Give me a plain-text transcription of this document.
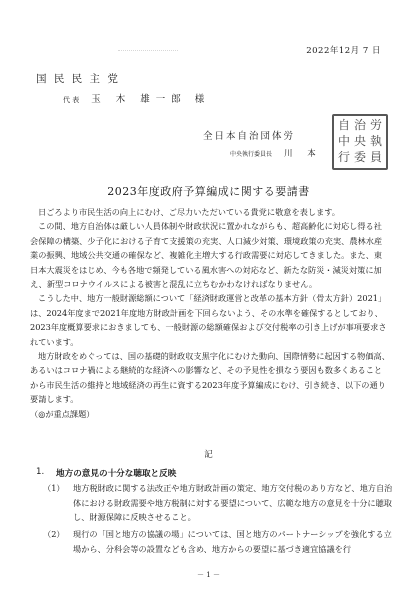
2022年12月 7 日
国 民 民 主 党
代 表 玉 木 雄一郎 様
全日本自治団体労
中央執行委員長 川 本
自 治 労
中 央 執
行 委 員
2023年度政府予算編成に関する要請書

日ごろより市民生活の向上にむけ、ご尽力いただいている貴党に敬意を表します。

この間、地方自治体は厳しい人員体制や財政状況に置かれながらも、超高齢化に対応し得る社会保障の構築、少子化における子育て支援策の充実、人口減少対策、環境政策の充実、農林水産業の振興、地域公共交通の確保など、複雑化主増大する行政需要に対応してきました。また、東日本大震災をはじめ、今も各地で頻発している風水害への対応など、新たな防災・減災対策に加え、新型コロナウイルスによる被害と混乱に立ちむかわなければなりません。

こうした中、地方一般財源総額について「経済財政運営と改革の基本方針（骨太方針）2021」は、2024年度まで2021年度地方財政計画を下回らないよう、その水準を確保するとしており、2023年度概算要求におきましても、一般財源の総額確保および交付税率の引き上げが事項要求されています。

地方財政をめぐっては、国の基礎的財政収支黒字化にむけた動向、国際情勢に起因する物価高、あるいはコロナ禍による継続的な経済への影響など、その予見性を損なう要因も数多くあることから市民生活の維持と地域経済の再生に資する2023年度予算編成にむけ、引き続き、以下の通り要請します。

（◎が重点課題）

記
1.	地方の意見の十分な聴取と反映
（1） 地方税財政に関する法改正や地方財政計画の策定、地方交付税のあり方など、地方自治体における財政需要や地方税制に対する要望について、広範な地方の意見を十分に聴取し、財源保障に反映させること。
（2） 現行の「国と地方の協議の場」については、国と地方のパートナーシップを強化する立場から、分科会等の設置なども含め、地方からの要望に基づき適宜協議を行
－ 1 －
